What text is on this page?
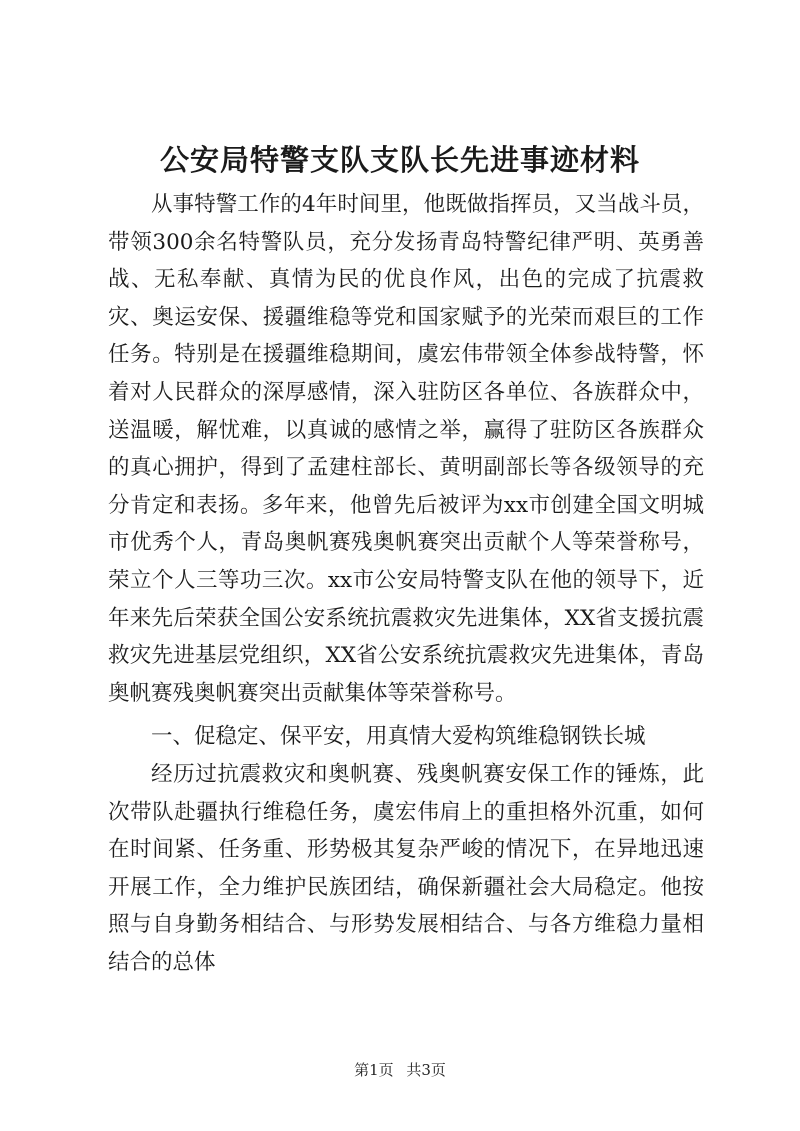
公安局特警支队支队长先进事迹材料

从事特警工作的4年时间里，他既做指挥员，又当战斗员，带领300余名特警队员，充分发扬青岛特警纪律严明、英勇善战、无私奉献、真情为民的优良作风，出色的完成了抗震救灾、奥运安保、援疆维稳等党和国家赋予的光荣而艰巨的工作任务。特别是在援疆维稳期间，虞宏伟带领全体参战特警，怀着对人民群众的深厚感情，深入驻防区各单位、各族群众中，送温暖，解忧难，以真诚的感情之举，赢得了驻防区各族群众的真心拥护，得到了孟建柱部长、黄明副部长等各级领导的充分肯定和表扬。多年来，他曾先后被评为xx市创建全国文明城市优秀个人，青岛奥帆赛残奥帆赛突出贡献个人等荣誉称号，荣立个人三等功三次。xx市公安局特警支队在他的领导下，近年来先后荣获全国公安系统抗震救灾先进集体，XX省支援抗震救灾先进基层党组织，XX省公安系统抗震救灾先进集体，青岛奥帆赛残奥帆赛突出贡献集体等荣誉称号。

一、促稳定、保平安，用真情大爱构筑维稳钢铁长城

经历过抗震救灾和奥帆赛、残奥帆赛安保工作的锤炼，此次带队赴疆执行维稳任务，虞宏伟肩上的重担格外沉重，如何在时间紧、任务重、形势极其复杂严峻的情况下，在异地迅速开展工作，全力维护民族团结，确保新疆社会大局稳定。他按照与自身勤务相结合、与形势发展相结合、与各方维稳力量相结合的总体

第1页 共3页
